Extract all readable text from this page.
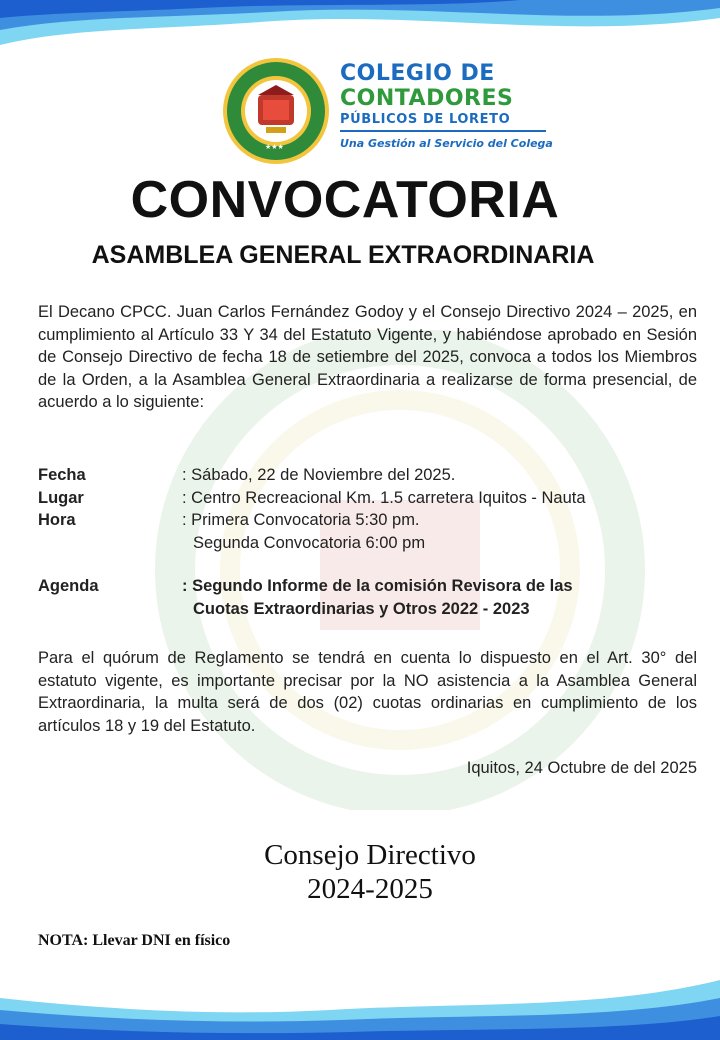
★★★
COLEGIO DE
CONTADORES
PÚBLICOS DE LORETO
Una Gestión al Servicio del Colega
CONVOCATORIA
ASAMBLEA GENERAL EXTRAORDINARIA

El Decano CPCC. Juan Carlos Fernández Godoy y el Consejo Directivo 2024 – 2025, en cumplimiento al Artículo 33 Y 34 del Estatuto Vigente, y habiéndose aprobado en Sesión de Consejo Directivo de fecha 18 de setiembre del 2025, convoca a todos los Miembros de la Orden, a la Asamblea General Extraordinaria a realizarse de forma presencial, de acuerdo a lo siguiente:

Fecha	: Sábado, 22 de Noviembre del 2025.
Lugar	: Centro Recreacional Km. 1.5 carretera Iquitos - Nauta
Hora	: Primera Convocatoria 5:30 pm.
Segunda Convocatoria 6:00 pm
Agenda	: Segundo Informe de la comisión Revisora de las
Cuotas Extraordinarias y Otros 2022 - 2023

Para el quórum de Reglamento se tendrá en cuenta lo dispuesto en el Art. 30° del estatuto vigente, es importante precisar por la NO asistencia a la Asamblea General Extraordinaria, la multa será de dos (02) cuotas ordinarias en cumplimiento de los artículos 18 y 19 del Estatuto.

Iquitos, 24 Octubre de del 2025
Consejo Directivo
2024-2025
NOTA: Llevar DNI en físico
